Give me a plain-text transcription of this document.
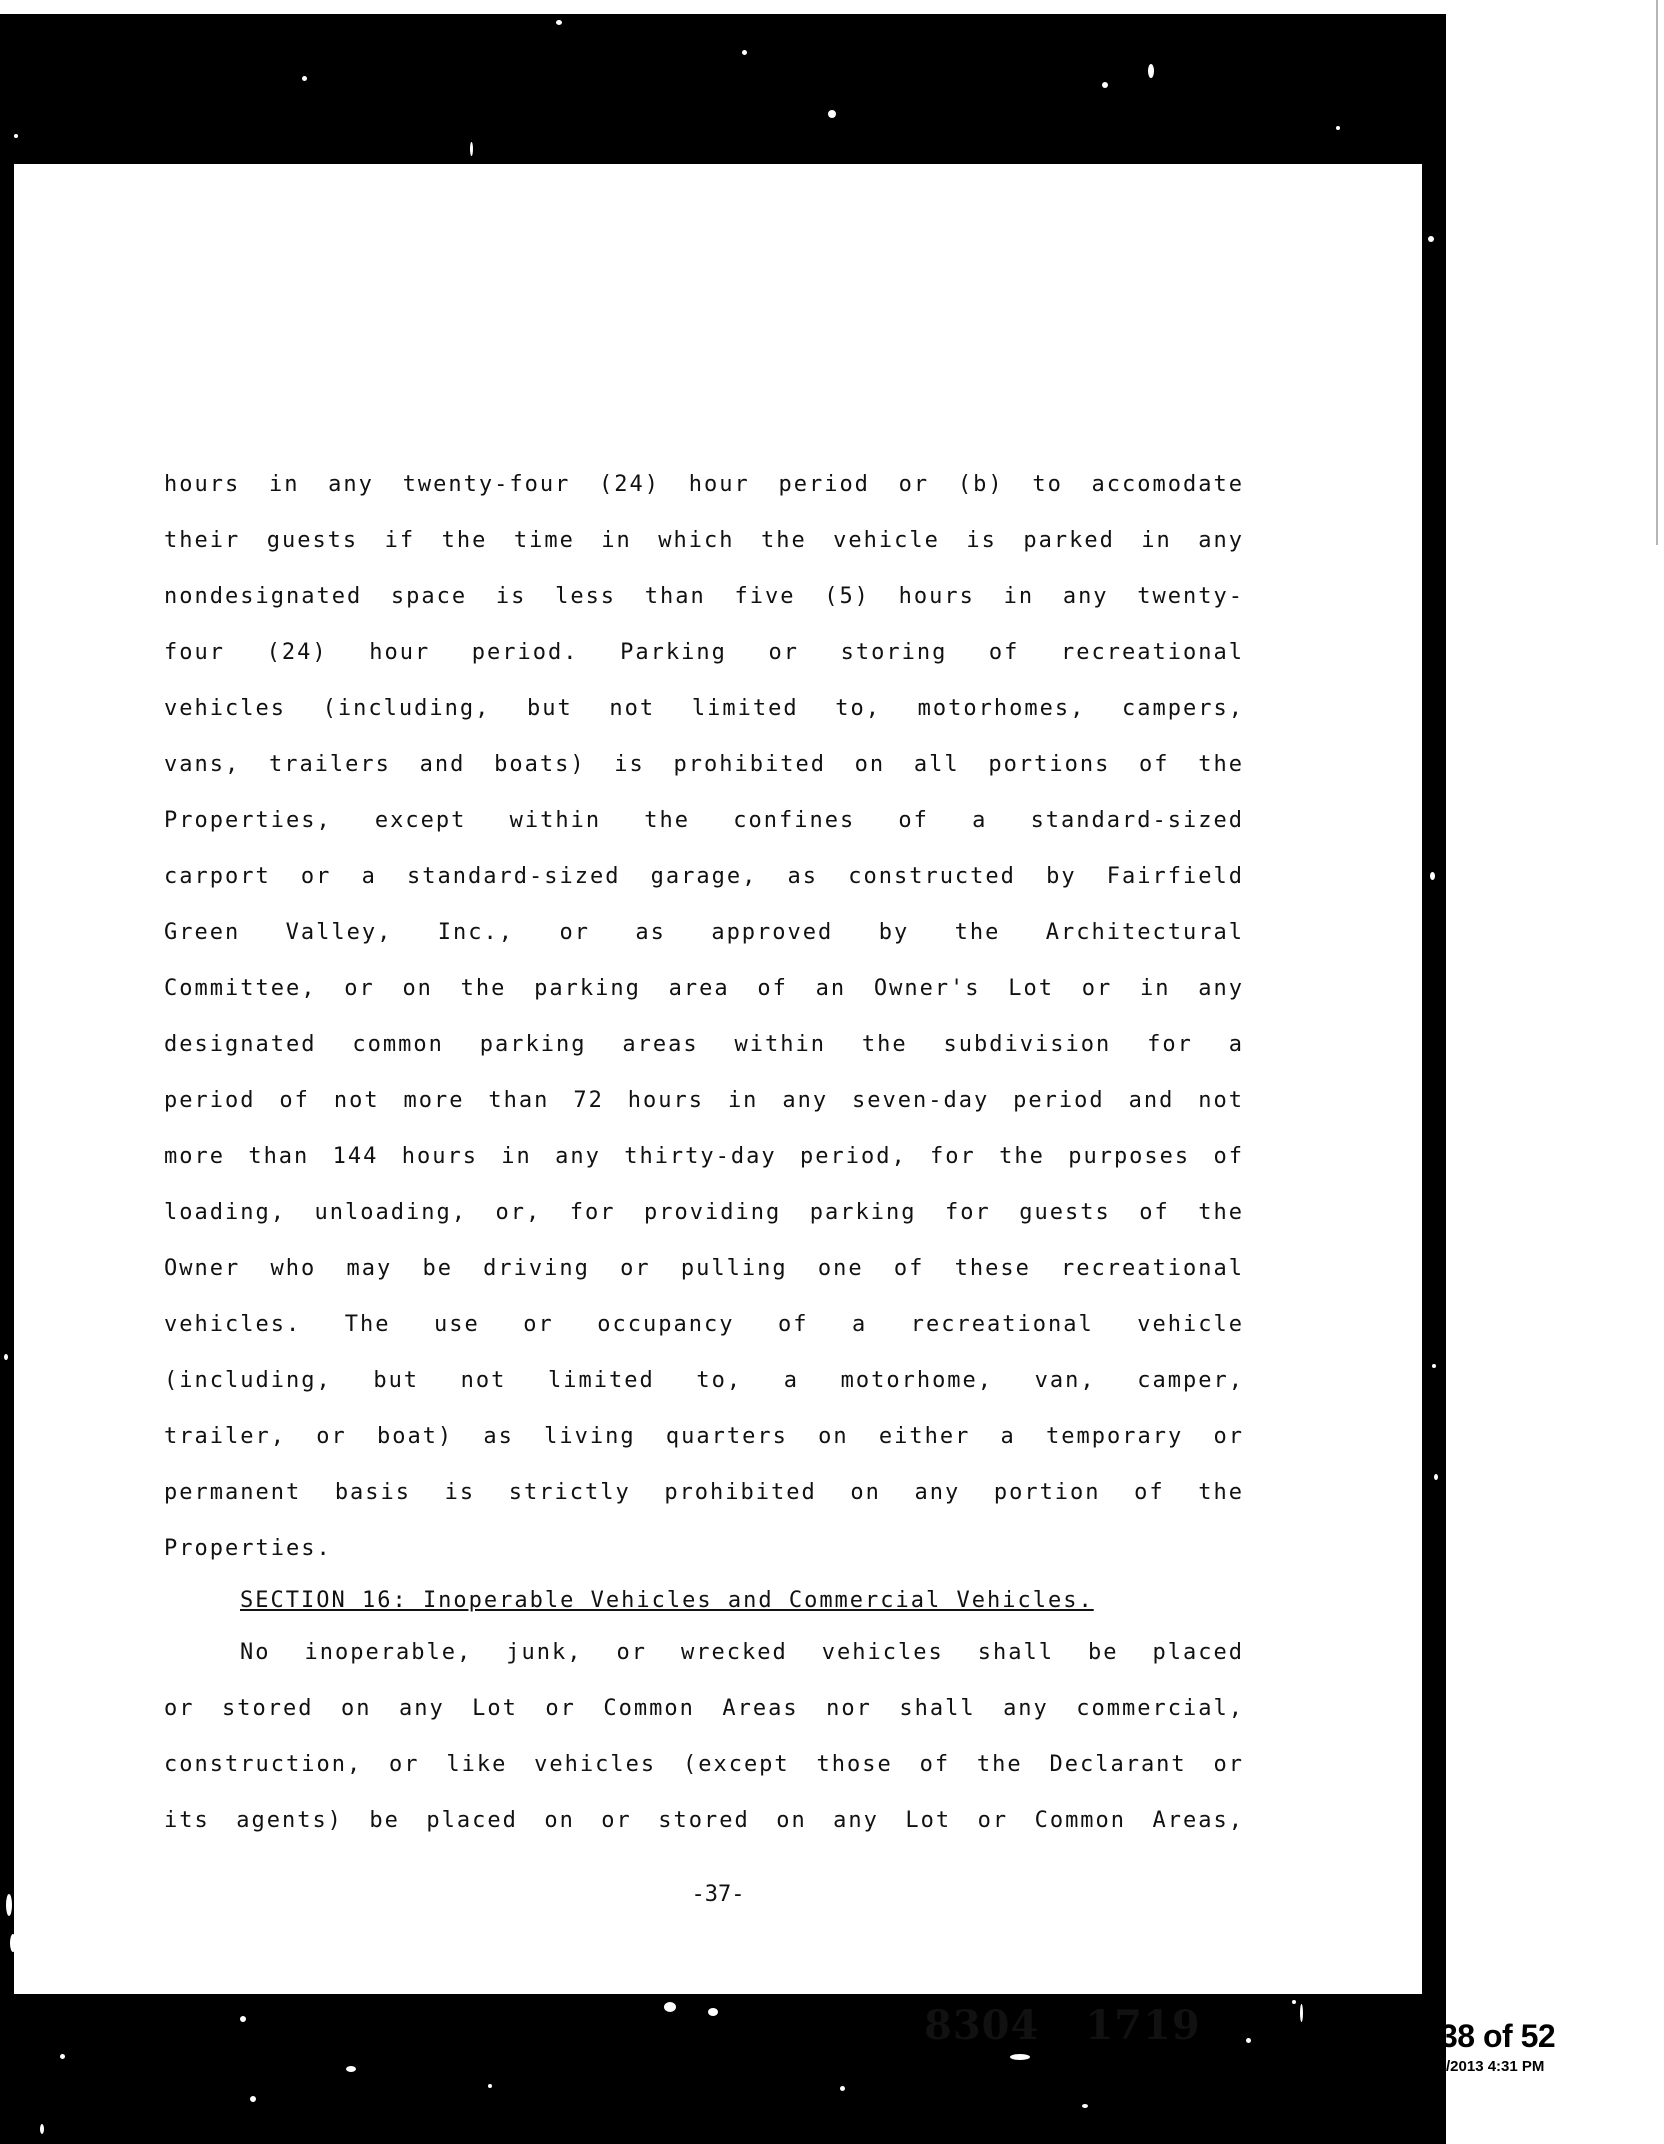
hours in any twenty-four (24) hour period or (b) to accomodate
their guests if the time in which the vehicle is parked in any
nondesignated space is less than five (5) hours in any twenty-
four (24) hour period. Parking or storing of recreational
vehicles (including, but not limited to, motorhomes, campers,
vans, trailers and boats) is prohibited on all portions of the
Properties, except within the confines of a standard-sized
carport or a standard-sized garage, as constructed by Fairfield
Green Valley, Inc., or as approved by the Architectural
Committee, or on the parking area of an Owner's Lot or in any
designated common parking areas within the subdivision for a
period of not more than 72 hours in any seven-day period and not
more than 144 hours in any thirty-day period, for the purposes of
loading, unloading, or, for providing parking for guests of the
Owner who may be driving or pulling one of these recreational
vehicles. The use or occupancy of a recreational vehicle
(including, but not limited to, a motorhome, van, camper,
trailer, or boat) as living quarters on either a temporary or
permanent basis is strictly prohibited on any portion of the
Properties.
SECTION 16: Inoperable Vehicles and Commercial Vehicles.
No inoperable, junk, or wrecked vehicles shall be placed
or stored on any Lot or Common Areas nor shall any commercial,
construction, or like vehicles (except those of the Declarant or
its agents) be placed on or stored on any Lot or Common Areas,
-37-
8304 1719	38 of 52
/2013 4:31 PM
